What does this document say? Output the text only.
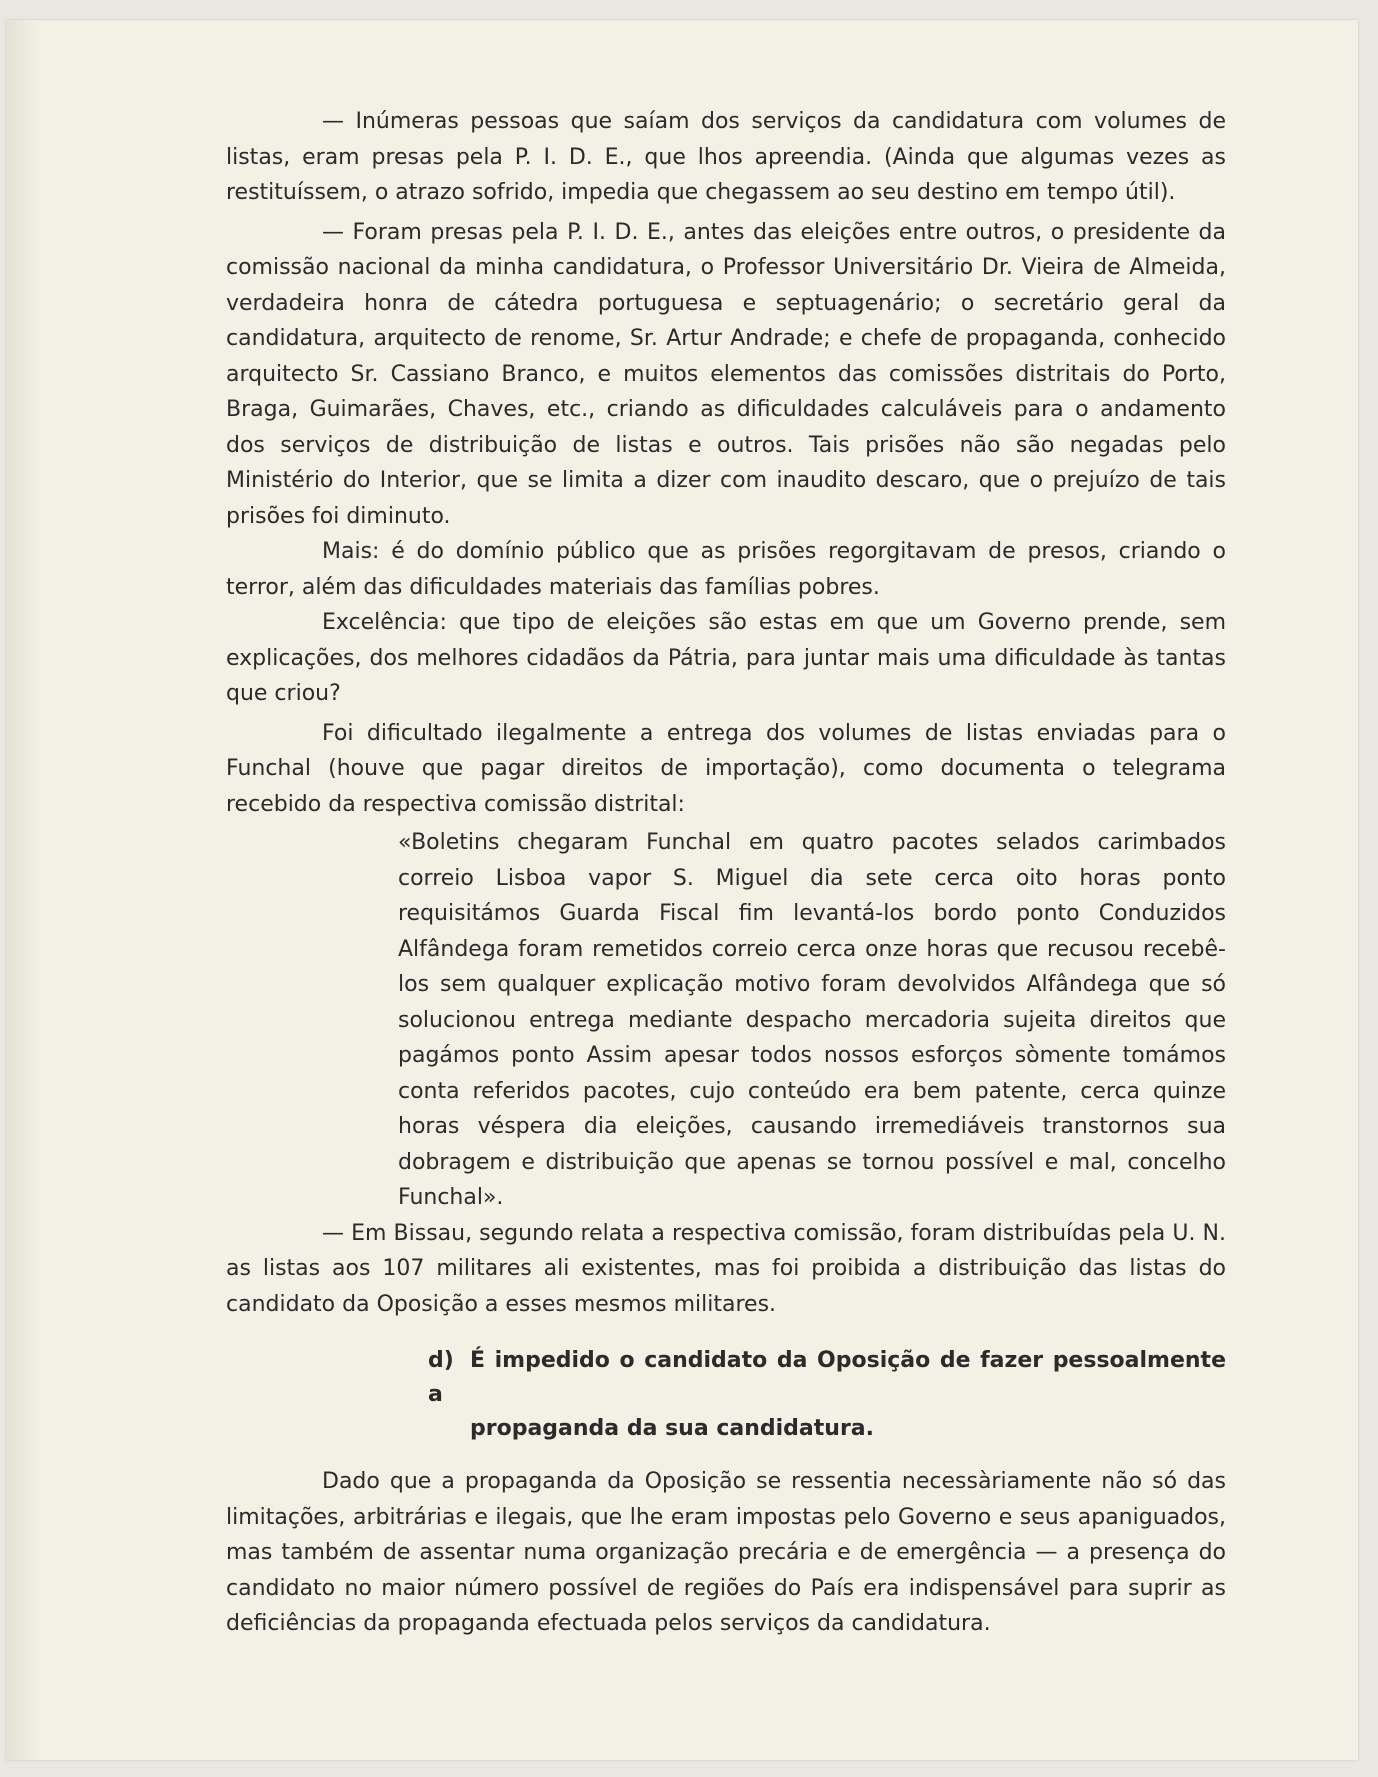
— Inúmeras pessoas que saíam dos serviços da candidatura com volumes de listas, eram presas pela P. I. D. E., que lhos apreendia. (Ainda que algumas vezes as restituíssem, o atrazo sofrido, impedia que chegassem ao seu destino em tempo útil).

— Foram presas pela P. I. D. E., antes das eleições entre outros, o presidente da comissão nacional da minha candidatura, o Professor Universitário Dr. Vieira de Almeida, verdadeira honra de cátedra portuguesa e septuagenário; o secretário geral da candidatura, arquitecto de renome, Sr. Artur Andrade; e chefe de propaganda, conhecido arquitecto Sr. Cassiano Branco, e muitos elementos das comissões distritais do Porto, Braga, Guimarães, Chaves, etc., criando as dificuldades calculáveis para o andamento dos serviços de distribuição de listas e outros. Tais prisões não são negadas pelo Ministério do Interior, que se limita a dizer com inaudito descaro, que o prejuízo de tais prisões foi diminuto.

Mais: é do domínio público que as prisões regorgitavam de presos, criando o terror, além das dificuldades materiais das famílias pobres.

Excelência: que tipo de eleições são estas em que um Governo prende, sem explicações, dos melhores cidadãos da Pátria, para juntar mais uma dificuldade às tantas que criou?

Foi dificultado ilegalmente a entrega dos volumes de listas enviadas para o Funchal (houve que pagar direitos de importação), como documenta o telegrama recebido da respectiva comissão distrital:

«Boletins chegaram Funchal em quatro pacotes selados carimbados correio Lisboa vapor S. Miguel dia sete cerca oito horas ponto requisitámos Guarda Fiscal fim levantá-los bordo ponto Conduzidos Alfândega foram remetidos correio cerca onze horas que recusou recebê-los sem qualquer explicação motivo foram devolvidos Alfândega que só solucionou entrega mediante despacho mercadoria sujeita direitos que pagámos ponto Assim apesar todos nossos esforços sòmente tomámos conta referidos pacotes, cujo conteúdo era bem patente, cerca quinze horas véspera dia eleições, causando irremediáveis transtornos sua dobragem e distribuição que apenas se tornou possível e mal, concelho Funchal».

— Em Bissau, segundo relata a respectiva comissão, foram distribuídas pela U. N. as listas aos 107 militares ali existentes, mas foi proibida a distribuição das listas do candidato da Oposição a esses mesmos militares.

d) É impedido o candidato da Oposição de fazer pessoalmente a
propaganda da sua candidatura.

Dado que a propaganda da Oposição se ressentia necessàriamente não só das limitações, arbitrárias e ilegais, que lhe eram impostas pelo Governo e seus apaniguados, mas também de assentar numa organização precária e de emergência — a presença do candidato no maior número possível de regiões do País era indispensável para suprir as deficiências da propaganda efectuada pelos serviços da candidatura.
